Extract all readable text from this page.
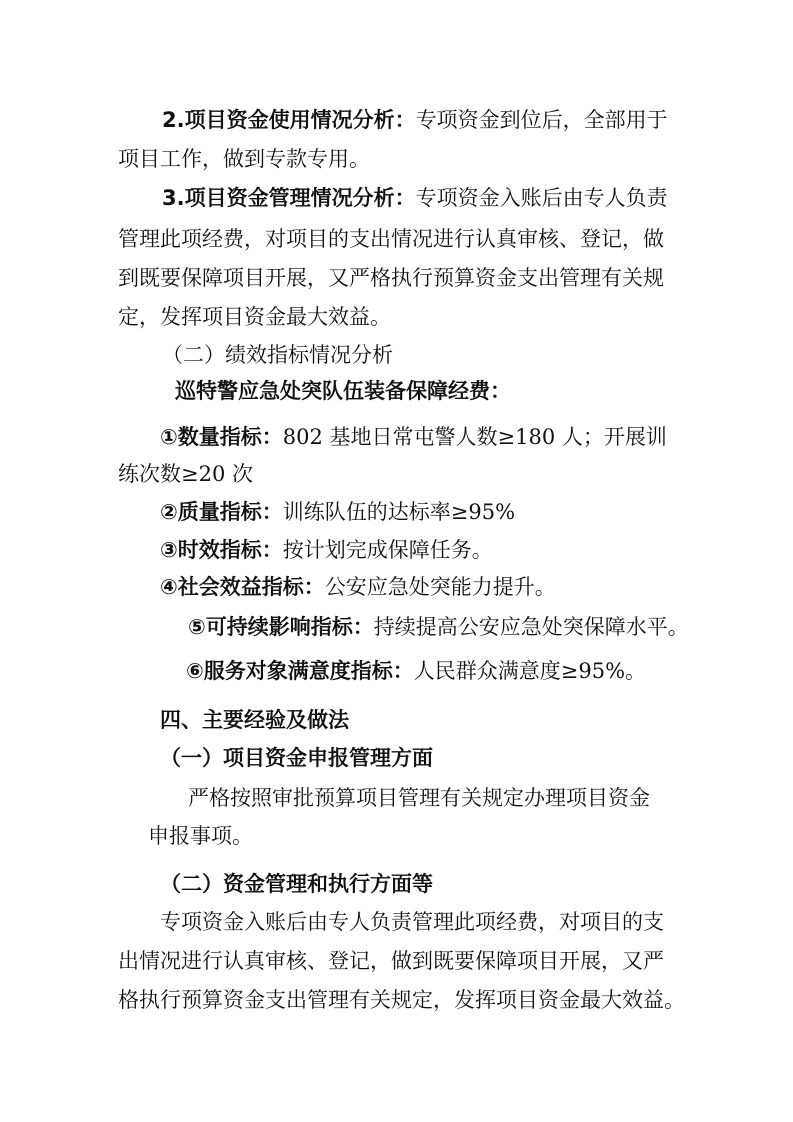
2.项目资金使用情况分析：专项资金到位后，全部用于
项目工作，做到专款专用。
3.项目资金管理情况分析：专项资金入账后由专人负责
管理此项经费，对项目的支出情况进行认真审核、登记，做
到既要保障项目开展，又严格执行预算资金支出管理有关规
定，发挥项目资金最大效益。
（二）绩效指标情况分析
巡特警应急处突队伍装备保障经费：
①数量指标：802 基地日常屯警人数≥180 人；开展训
练次数≥20 次
②质量指标：训练队伍的达标率≥95%
③时效指标：按计划完成保障任务。
④社会效益指标：公安应急处突能力提升。
⑤可持续影响指标：持续提高公安应急处突保障水平。
⑥服务对象满意度指标：人民群众满意度≥95%。
四、主要经验及做法
（一）项目资金申报管理方面
严格按照审批预算项目管理有关规定办理项目资金
申报事项。
（二）资金管理和执行方面等
专项资金入账后由专人负责管理此项经费，对项目的支
出情况进行认真审核、登记，做到既要保障项目开展，又严
格执行预算资金支出管理有关规定，发挥项目资金最大效益。
